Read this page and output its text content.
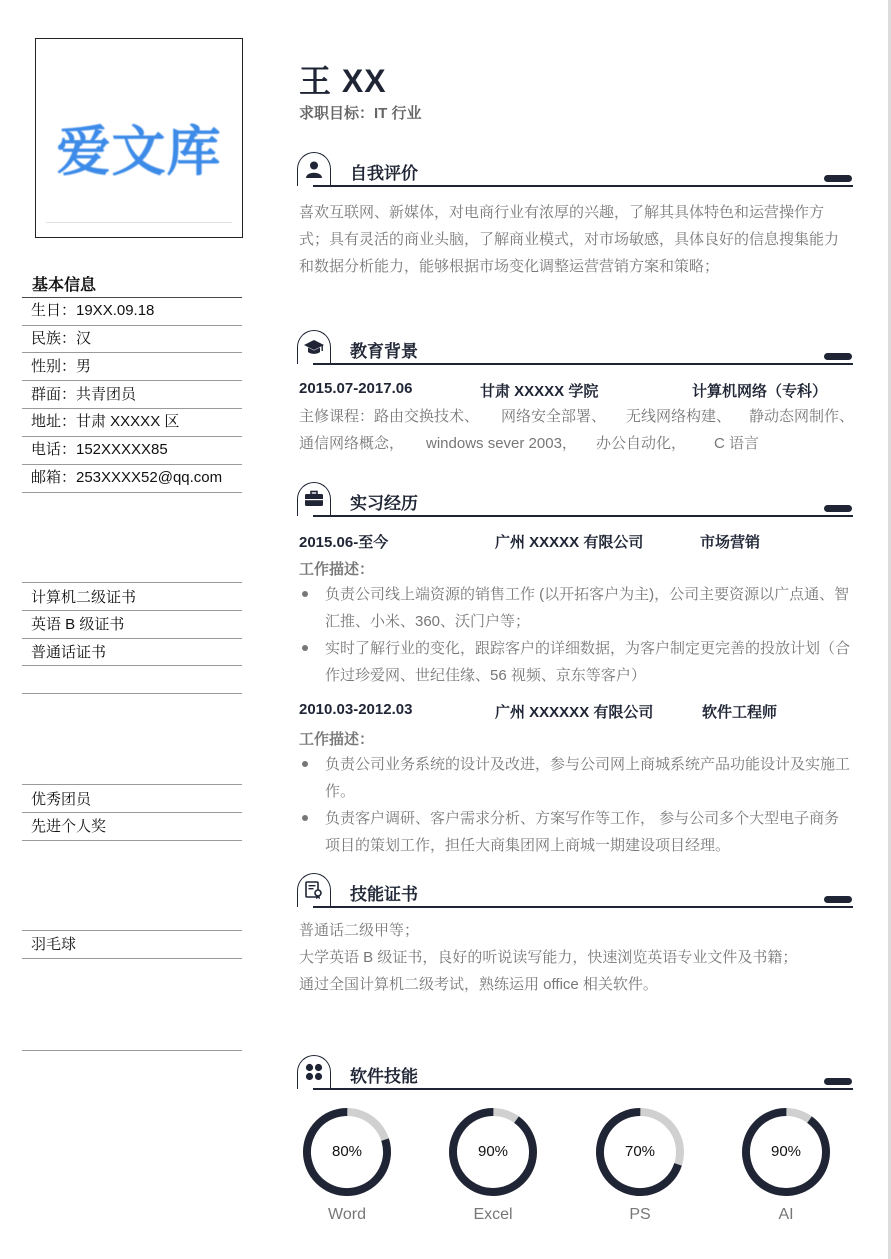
爱文库
基本信息
生日：19XX.09.18
民族：汉
性别：男
群面：共青团员
地址：甘肃 XXXXX 区
电话：152XXXXX85
邮箱：253XXXX52@qq.com
计算机二级证书
英语 B 级证书
普通话证书
优秀团员
先进个人奖
羽毛球
王 XX
求职目标：IT 行业
自我评价

喜欢互联网、新媒体，对电商行业有浓厚的兴趣，了解其具体特色和运营操作方式；具有灵活的商业头脑，了解商业模式，对市场敏感，具体良好的信息搜集能力和数据分析能力，能够根据市场变化调整运营营销方案和策略；

教育背景
2015.07-2017.06	甘肃 XXXXX 学院	计算机网络（专科）
主修课程：路由交换技术、 网络安全部署、 无线网络构建、 静动态网制作、
通信网络概念， windows sever 2003， 办公自动化， C 语言
实习经历
2015.06-至今	广州 XXXXX 有限公司	市场营销
工作描述：
负责公司线上端资源的销售工作 (以开拓客户为主)，公司主要资源以广点通、智汇推、小米、360、沃门户等；
实时了解行业的变化，跟踪客户的详细数据，为客户制定更完善的投放计划（合作过珍爱网、世纪佳缘、56 视频、京东等客户）
2010.03-2012.03	广州 XXXXXX 有限公司	软件工程师
工作描述：
负责公司业务系统的设计及改进，参与公司网上商城系统产品功能设计及实施工作。
负责客户调研、客户需求分析、方案写作等工作， 参与公司多个大型电子商务项目的策划工作，担任大商集团网上商城一期建设项目经理。
技能证书

普通话二级甲等；

大学英语 B 级证书，良好的听说读写能力，快速浏览英语专业文件及书籍；

通过全国计算机二级考试，熟练运用 office 相关软件。

软件技能
80%
Word
90%
Excel
70%
PS
90%
AI
